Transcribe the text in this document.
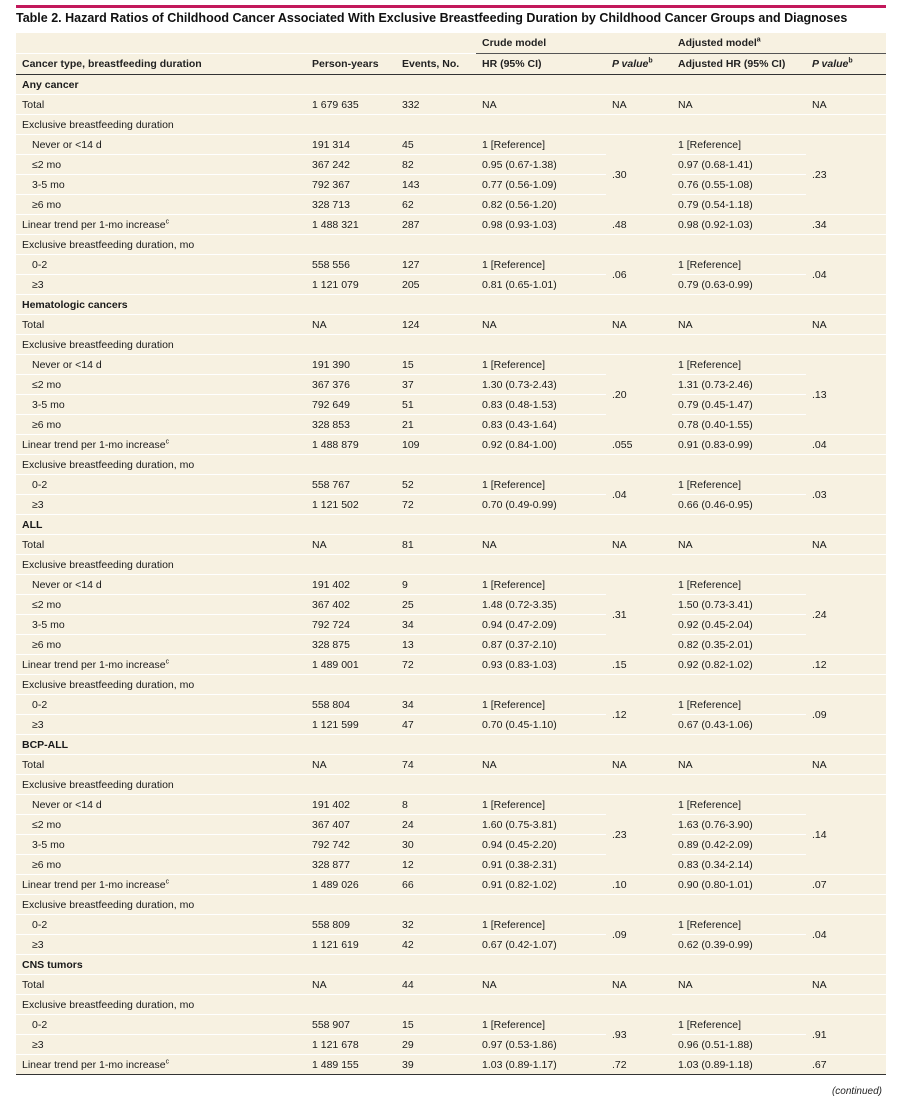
Table 2. Hazard Ratios of Childhood Cancer Associated With Exclusive Breastfeeding Duration by Childhood Cancer Groups and Diagnoses
			Crude model		Adjusted model$^a$
Cancer type, breastfeeding duration	Person-years	Events, No.	HR (95% CI)	P value$^b$	Adjusted HR (95% CI)	P value$^b$
Any cancer						
Total	1 679 635	332	NA	NA	NA	NA
Exclusive breastfeeding duration						
Never or <14 d	191 314	45	1 [Reference]	.30	1 [Reference]	.23
≤2 mo	367 242	82	0.95 (0.67-1.38)		0.97 (0.68-1.41)	
3-5 mo	792 367	143	0.77 (0.56-1.09)		0.76 (0.55-1.08)	
≥6 mo	328 713	62	0.82 (0.56-1.20)		0.79 (0.54-1.18)	
Linear trend per 1-mo increase$^c$	1 488 321	287	0.98 (0.93-1.03)	.48	0.98 (0.92-1.03)	.34
Exclusive breastfeeding duration, mo						
0-2	558 556	127	1 [Reference]	.06	1 [Reference]	.04
≥3	1 121 079	205	0.81 (0.65-1.01)		0.79 (0.63-0.99)	
Hematologic cancers						
Total	NA	124	NA	NA	NA	NA
Exclusive breastfeeding duration						
Never or <14 d	191 390	15	1 [Reference]	.20	1 [Reference]	.13
≤2 mo	367 376	37	1.30 (0.73-2.43)		1.31 (0.73-2.46)	
3-5 mo	792 649	51	0.83 (0.48-1.53)		0.79 (0.45-1.47)	
≥6 mo	328 853	21	0.83 (0.43-1.64)		0.78 (0.40-1.55)	
Linear trend per 1-mo increase$^c$	1 488 879	109	0.92 (0.84-1.00)	.055	0.91 (0.83-0.99)	.04
Exclusive breastfeeding duration, mo						
0-2	558 767	52	1 [Reference]	.04	1 [Reference]	.03
≥3	1 121 502	72	0.70 (0.49-0.99)		0.66 (0.46-0.95)	
ALL						
Total	NA	81	NA	NA	NA	NA
Exclusive breastfeeding duration						
Never or <14 d	191 402	9	1 [Reference]	.31	1 [Reference]	.24
≤2 mo	367 402	25	1.48 (0.72-3.35)		1.50 (0.73-3.41)	
3-5 mo	792 724	34	0.94 (0.47-2.09)		0.92 (0.45-2.04)	
≥6 mo	328 875	13	0.87 (0.37-2.10)		0.82 (0.35-2.01)	
Linear trend per 1-mo increase$^c$	1 489 001	72	0.93 (0.83-1.03)	.15	0.92 (0.82-1.02)	.12
Exclusive breastfeeding duration, mo						
0-2	558 804	34	1 [Reference]	.12	1 [Reference]	.09
≥3	1 121 599	47	0.70 (0.45-1.10)		0.67 (0.43-1.06)	
BCP-ALL						
Total	NA	74	NA	NA	NA	NA
Exclusive breastfeeding duration						
Never or <14 d	191 402	8	1 [Reference]	.23	1 [Reference]	.14
≤2 mo	367 407	24	1.60 (0.75-3.81)		1.63 (0.76-3.90)	
3-5 mo	792 742	30	0.94 (0.45-2.20)		0.89 (0.42-2.09)	
≥6 mo	328 877	12	0.91 (0.38-2.31)		0.83 (0.34-2.14)	
Linear trend per 1-mo increase$^c$	1 489 026	66	0.91 (0.82-1.02)	.10	0.90 (0.80-1.01)	.07
Exclusive breastfeeding duration, mo						
0-2	558 809	32	1 [Reference]	.09	1 [Reference]	.04
≥3	1 121 619	42	0.67 (0.42-1.07)		0.62 (0.39-0.99)	
CNS tumors						
Total	NA	44	NA	NA	NA	NA
Exclusive breastfeeding duration, mo						
0-2	558 907	15	1 [Reference]	.93	1 [Reference]	.91
≥3	1 121 678	29	0.97 (0.53-1.86)		0.96 (0.51-1.88)	
Linear trend per 1-mo increase$^c$	1 489 155	39	1.03 (0.89-1.17)	.72	1.03 (0.89-1.18)	.67
(continued)
